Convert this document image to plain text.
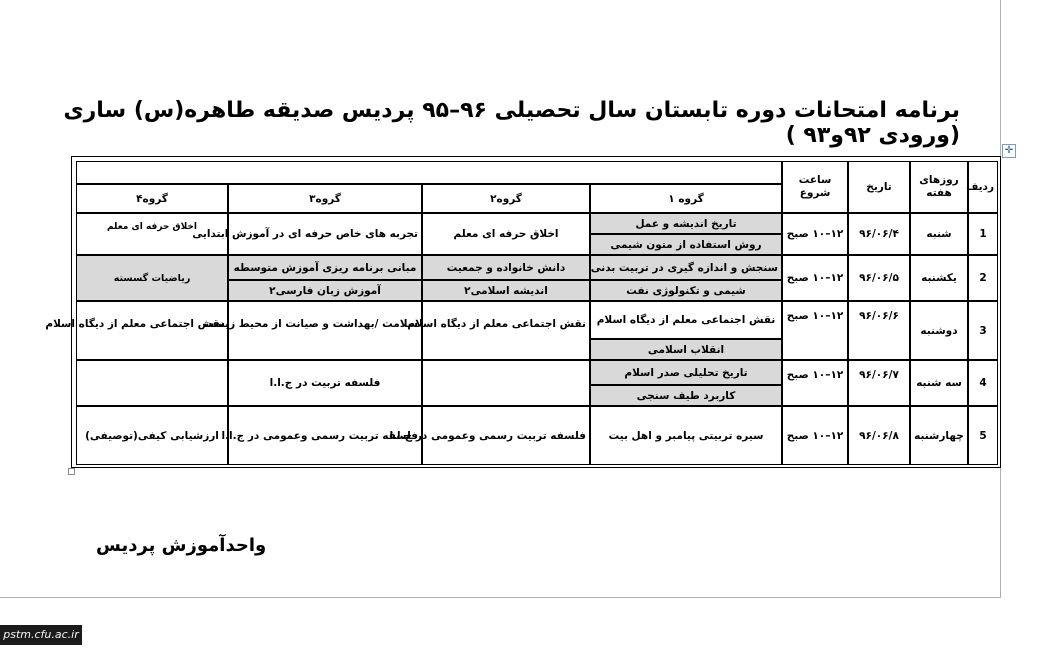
برنامه امتحانات دوره تابستان سال تحصیلی ۹۶–۹۵ پردیس صدیقه طاهره(س) ساری (ورودی ۹۲و۹۳ )
✛
ردیف	روزهای هفته	تاریخ	ساعت شروع				
				گروه ۱	گروه۲	گروه۳	گروه۴
1	شنبه	۹۶/۰۶/۴	۱۲–۱۰ صبح	تاریخ اندیشه و عمل	اخلاق حرفه ای معلم	تجربه های خاص حرفه ای در آموزش ابتدایی	اخلاق حرفه ای معلم
				روش استفاده از متون شیمی			
2	یکشنبه	۹۶/۰۶/۵	۱۲–۱۰ صبح	سنجش و اندازه گیری در تربیت بدنی	دانش خانواده و جمعیت	مبانی برنامه ریزی آموزش متوسطه	ریاضیات گسسته
				شیمی و تکنولوژی نفت	اندیشه اسلامی۲	آموزش زبان فارسی۲	
3	دوشنبه	۹۶/۰۶/۶	۱۲–۱۰ صبح	نقش اجتماعی معلم از دیگاه اسلام	نقش اجتماعی معلم از دیگاه اسلام	سلامت /بهداشت و صیانت از محیط زیست	نقش اجتماعی معلم از دیگاه اسلام
				انقلاب اسلامی			
4	سه شنبه	۹۶/۰۶/۷	۱۲–۱۰ صبح	تاریخ تحلیلی صدر اسلام		فلسفه تربیت در ج.ا.ا	
				کاربرد طیف سنجی			
5	چهارشنبه	۹۶/۰۶/۸	۱۲–۱۰ صبح	سیره تربیتی پیامبر و اهل بیت	فلسفه تربیت رسمی وعمومی در ج.ا.ا	فلسفه تربیت رسمی وعمومی در ج.ا.ا	ارزشیابی کیفی(توصیفی)
واحدآموزش پردیس
pstm.cfu.ac.ir
